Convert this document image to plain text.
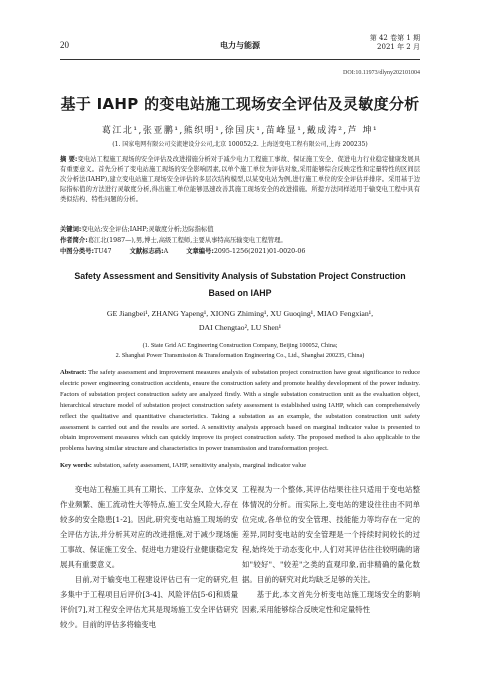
20	电力与能源
第 42 卷第 1 期
2021 年 2 月
DOI:10.11973/dlyny202101004
基于 IAHP 的变电站施工现场安全评估及灵敏度分析
葛江北¹,张亚鹏¹,熊织明¹,徐国庆¹,苗峰显¹,戴成涛²,芦 坤¹
(1. 国家电网有限公司交流建设分公司,北京 100052;2. 上海送变电工程有限公司,上海 200235)
摘 要:变电站工程施工现场的安全评估及改进措施分析对于减少电力工程施工事故、保证施工安全、促进电力行业稳定健康发展具有重要意义。首先分析了变电站施工现场的安全影响因素,以单个施工单位为评估对象,采用能够综合反映定性和定量特性的区间层次分析法(IAHP),建立变电站施工现场安全评估的多层次结构模型,以某变电站为例,进行施工单位的安全评估并排序。采用基于边际指标值的方法进行灵敏度分析,得出施工单位能够迅速改善其施工现场安全的改进措施。所提方法同样适用于输变电工程中具有类似结构、特性问题的分析。
关键词:变电站;安全评估;IAHP;灵敏度分析;边际指标值
作者简介:葛江北(1987—),男,博士,高级工程师,主要从事特高压输变电工程管理。
中图分类号:TU47	文献标志码:A	文章编号:2095-1256(2021)01-0020-06
Safety Assessment and Sensitivity Analysis of Substation Project Construction
Based on IAHP
GE Jiangbei¹, ZHANG Yapeng¹, XIONG Zhiming¹, XU Guoqing¹, MIAO Fengxian¹,
DAI Chengtao², LU Shen¹
(1. State Grid AC Engineering Construction Company, Beijing 100052, China;
2. Shanghai Power Transmission & Transformation Engineering Co., Ltd., Shanghai 200235, China)
Abstract: The safety assessment and improvement measures analysis of substation project construction have great significance to reduce electric power engineering construction accidents, ensure the construction safety and promote healthy development of the power industry. Factors of substation project construction safety are analyzed firstly. With a single substation construction unit as the evaluation object, hierarchical structure model of substation project construction safety assessment is established using IAHP, which can comprehensively reflect the qualitative and quantitative characteristics. Taking a substation as an example, the substation construction unit safety assessment is carried out and the results are sorted. A sensitivity analysis approach based on marginal indicator value is presented to obtain improvement measures which can quickly improve its project construction safety. The proposed method is also applicable to the problems having similar structure and characteristics in power transmission and transformation project.
Key words: substation, safety assessment, IAHP, sensitivity analysis, marginal indicator value

变电站工程施工具有工期长、工序复杂、立体交叉作业频繁、施工流动性大等特点,施工安全风险大,存在较多的安全隐患[1-2]。因此,研究变电站施工现场的安全评估方法,并分析其对应的改进措施,对于减少现场施工事故、保证施工安全、促进电力建设行业健康稳定发展具有重要意义。

目前,对于输变电工程建设评估已有一定的研究,但多集中于工程项目后评价[3-4]、风险评估[5-6]和质量评价[7],对工程安全评估尤其是现场施工安全评估研究较少。目前的评估多将输变电

工程视为一个整体,其评估结果往往只适用于变电站整体情况的分析。而实际上,变电站的建设往往由不同单位完成,各单位的安全管理、技能能力等均存在一定的差异,同时变电站的安全管理是一个持续时间较长的过程,始终处于动态变化中,人们对其评估往往较明确的诸如"较好"、"较差"之类的直观印象,而非精确的量化数据。目前的研究对此均缺乏足够的关注。

基于此,本文首先分析变电站施工现场安全的影响因素,采用能够综合反映定性和定量特性
